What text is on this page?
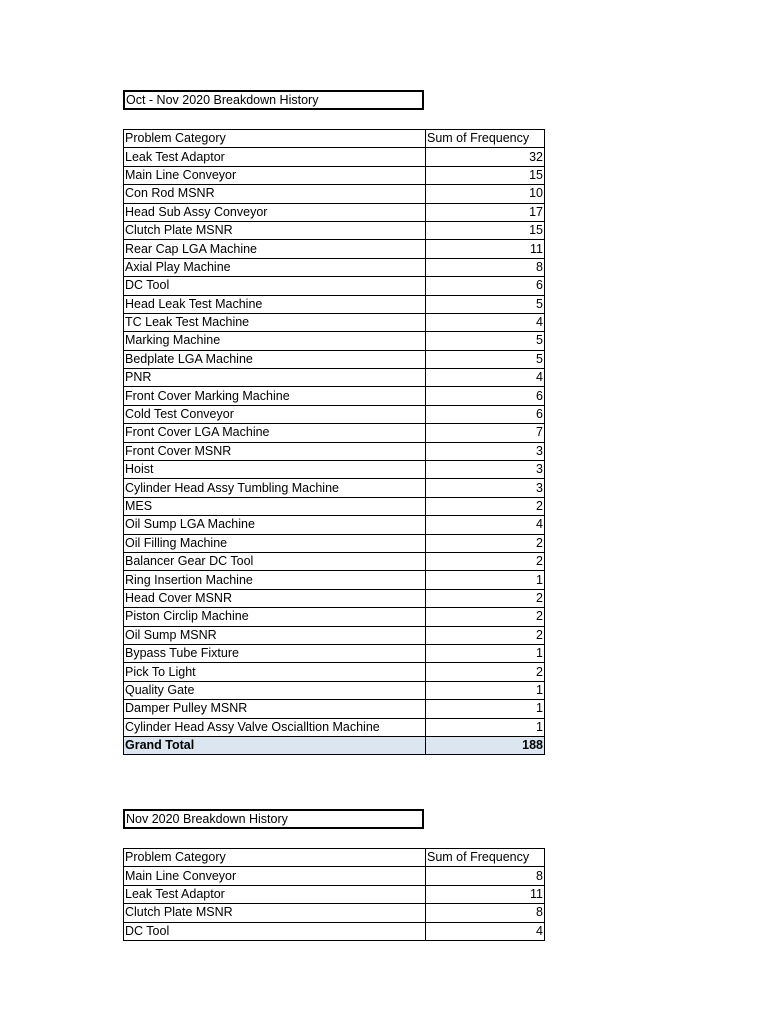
Oct - Nov 2020 Breakdown History
Problem Category	Sum of Frequency
Leak Test Adaptor	32
Main Line Conveyor	15
Con Rod MSNR	10
Head Sub Assy Conveyor	17
Clutch Plate MSNR	15
Rear Cap LGA Machine	11
Axial Play Machine	8
DC Tool	6
Head Leak Test Machine	5
TC Leak Test Machine	4
Marking Machine	5
Bedplate LGA Machine	5
PNR	4
Front Cover Marking Machine	6
Cold Test Conveyor	6
Front Cover LGA Machine	7
Front Cover MSNR	3
Hoist	3
Cylinder Head Assy Tumbling Machine	3
MES	2
Oil Sump LGA Machine	4
Oil Filling Machine	2
Balancer Gear DC Tool	2
Ring Insertion Machine	1
Head Cover MSNR	2
Piston Circlip Machine	2
Oil Sump MSNR	2
Bypass Tube Fixture	1
Pick To Light	2
Quality Gate	1
Damper Pulley MSNR	1
Cylinder Head Assy Valve Oscialltion Machine	1
Grand Total	188
Nov 2020 Breakdown History
Problem Category	Sum of Frequency
Main Line Conveyor	8
Leak Test Adaptor	11
Clutch Plate MSNR	8
DC Tool	4
